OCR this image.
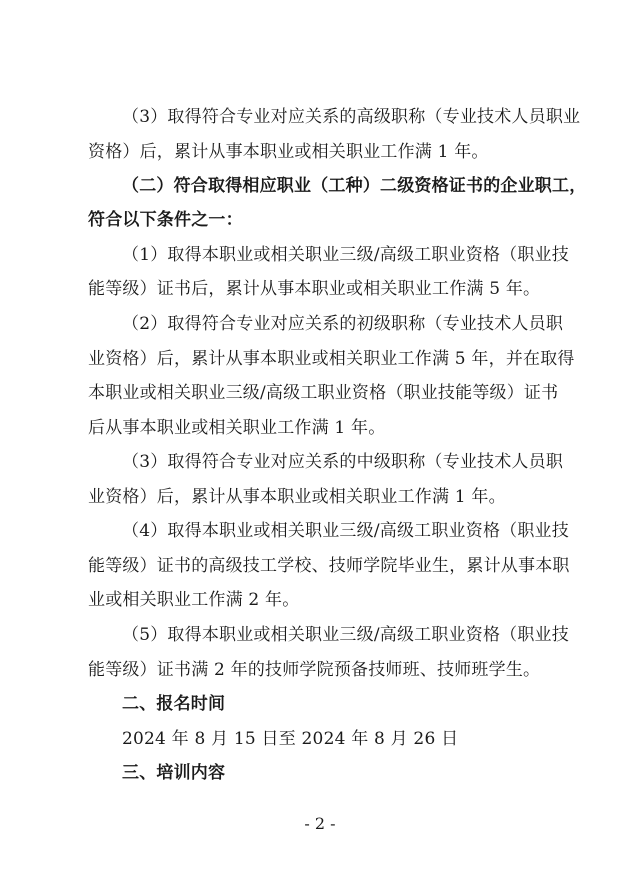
（3）取得符合专业对应关系的高级职称（专业技术人员职业
资格）后，累计从事本职业或相关职业工作满 1 年。
（二）符合取得相应职业（工种）二级资格证书的企业职工，
符合以下条件之一：
（1）取得本职业或相关职业三级/高级工职业资格（职业技
能等级）证书后，累计从事本职业或相关职业工作满 5 年。
（2）取得符合专业对应关系的初级职称（专业技术人员职
业资格）后，累计从事本职业或相关职业工作满 5 年，并在取得
本职业或相关职业三级/高级工职业资格（职业技能等级）证书
后从事本职业或相关职业工作满 1 年。
（3）取得符合专业对应关系的中级职称（专业技术人员职
业资格）后，累计从事本职业或相关职业工作满 1 年。
（4）取得本职业或相关职业三级/高级工职业资格（职业技
能等级）证书的高级技工学校、技师学院毕业生，累计从事本职
业或相关职业工作满 2 年。
（5）取得本职业或相关职业三级/高级工职业资格（职业技
能等级）证书满 2 年的技师学院预备技师班、技师班学生。
二、报名时间
2024 年 8 月 15 日至 2024 年 8 月 26 日
三、培训内容
- 2 -
